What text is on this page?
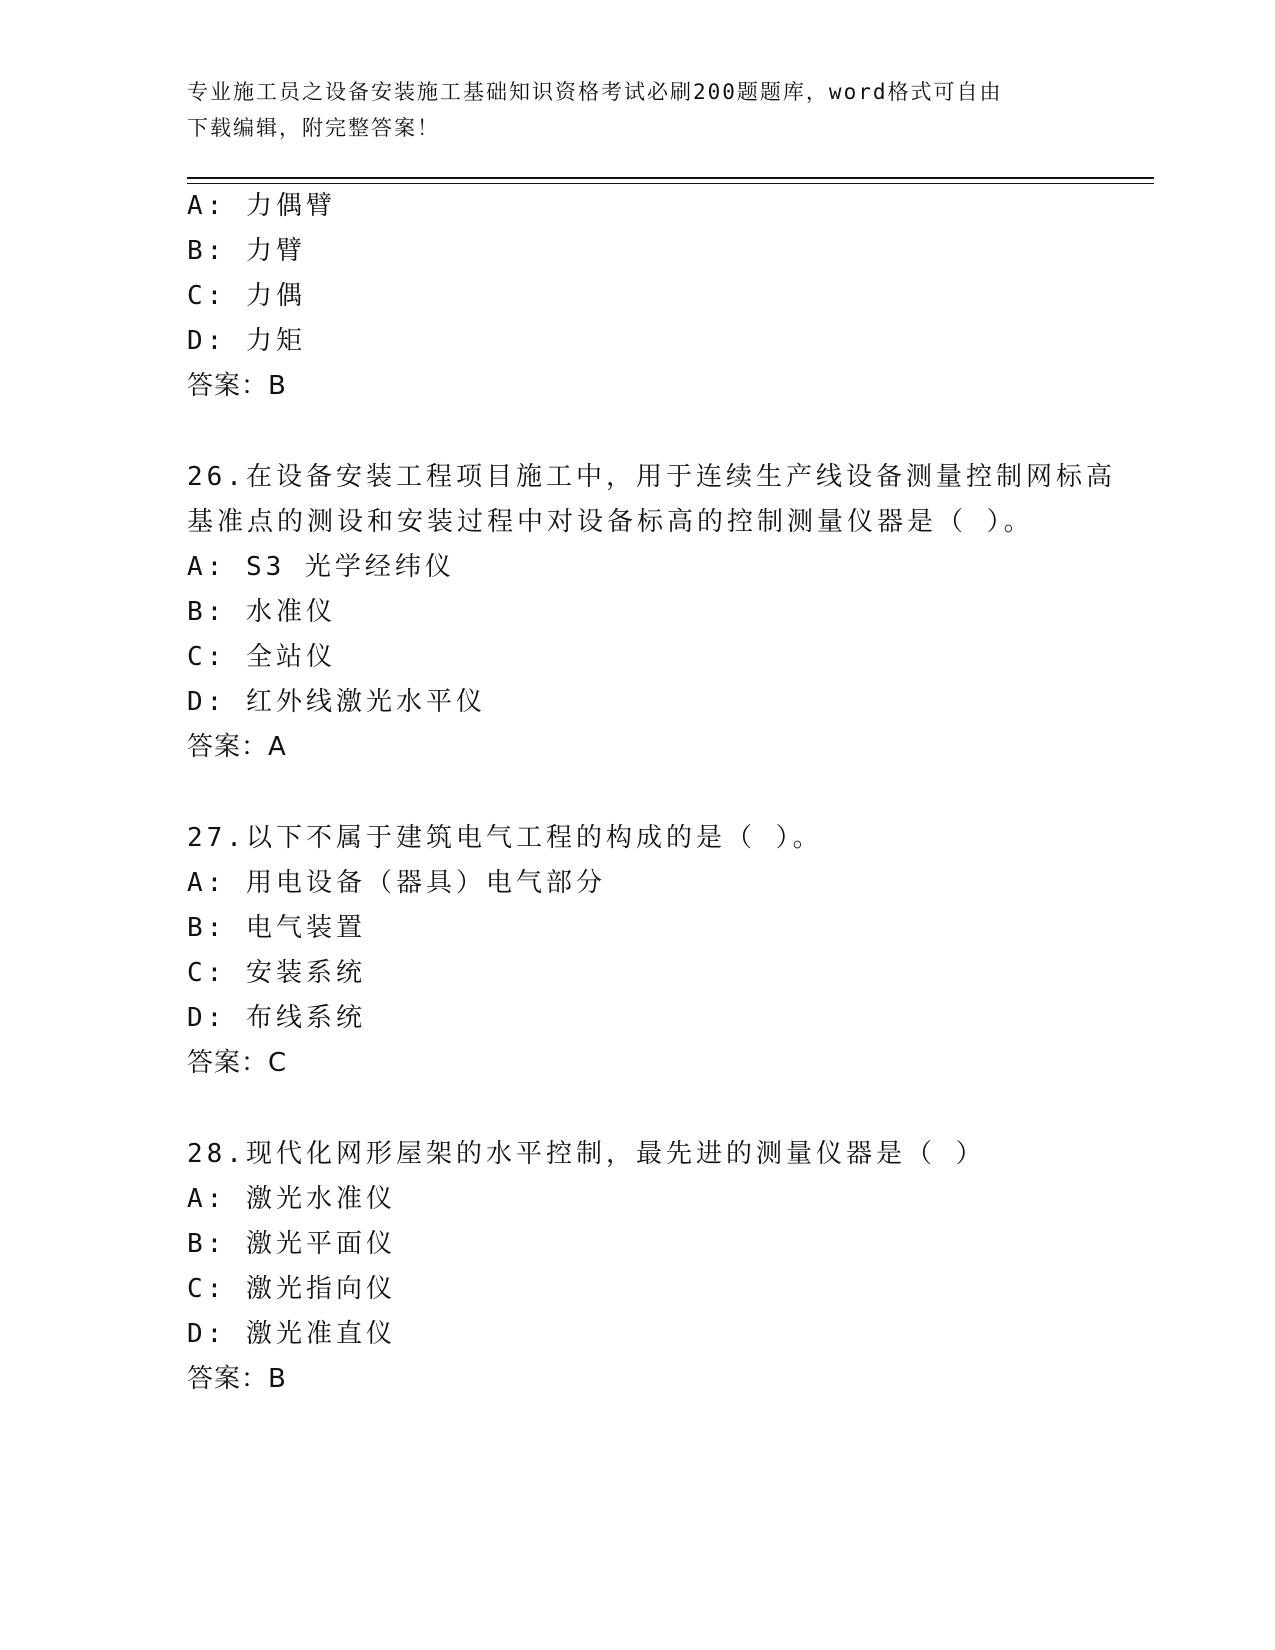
专业施工员之设备安装施工基础知识资格考试必刷200题题库，word格式可自由
下载编辑，附完整答案！
A: 力偶臂
B: 力臂
C: 力偶
D: 力矩
答案：B
26.在设备安装工程项目施工中，用于连续生产线设备测量控制网标高
基准点的测设和安装过程中对设备标高的控制测量仪器是（ ）。
A: S3 光学经纬仪
B: 水准仪
C: 全站仪
D: 红外线激光水平仪
答案：A
27.以下不属于建筑电气工程的构成的是（ ）。
A: 用电设备（器具）电气部分
B: 电气装置
C: 安装系统
D: 布线系统
答案：C
28.现代化网形屋架的水平控制，最先进的测量仪器是（ ）
A: 激光水准仪
B: 激光平面仪
C: 激光指向仪
D: 激光准直仪
答案：B
